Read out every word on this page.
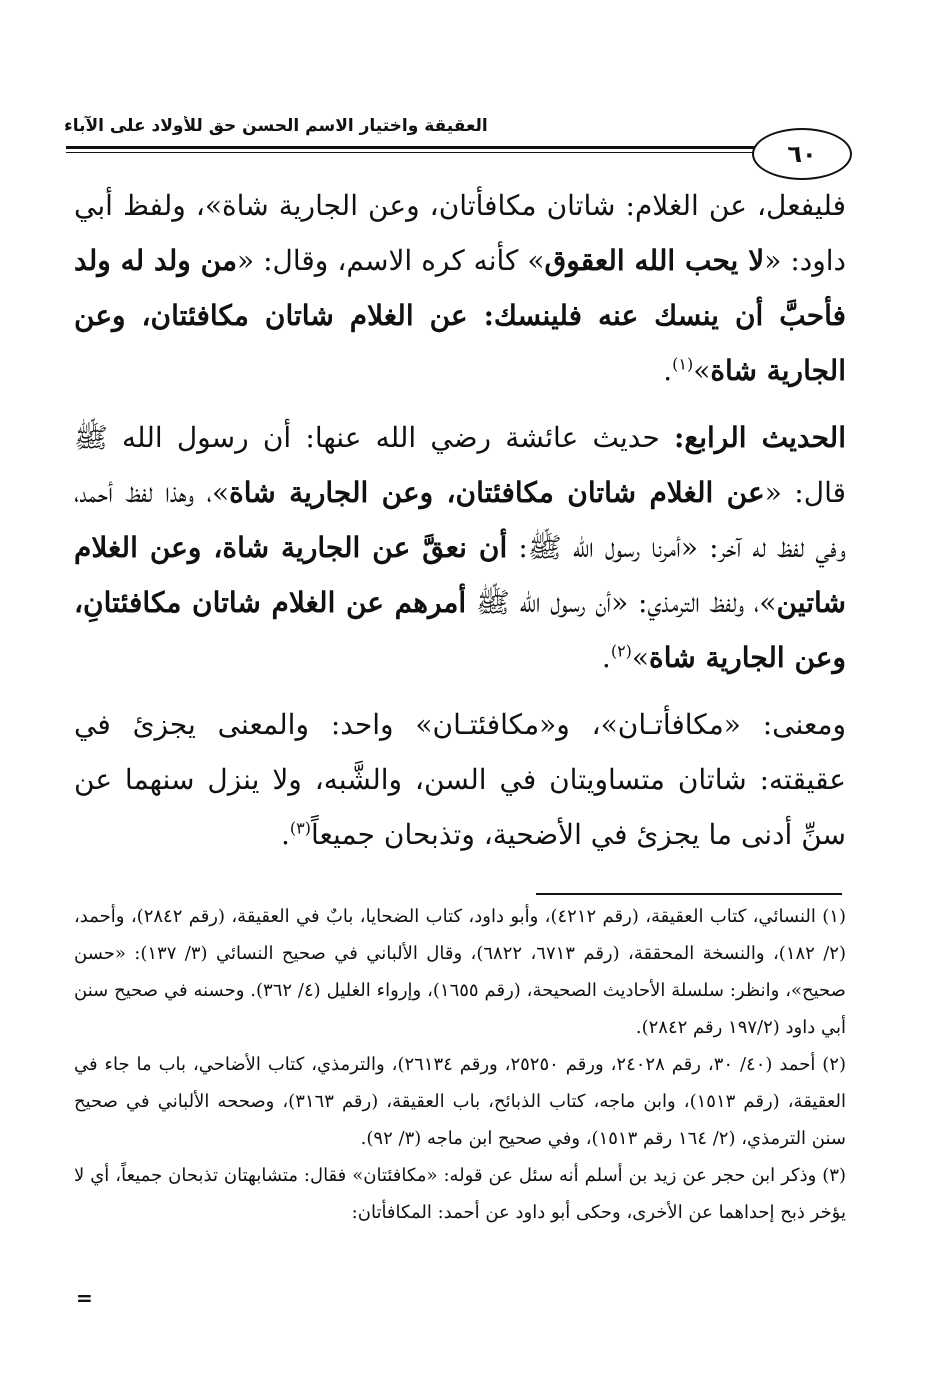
العقيقة واختيار الاسم الحسن حق للأولاد على الآباء
٦٠

فليفعل، عن الغلام: شاتان مكافأتان، وعن الجارية شاة»، ولفظ أبي داود: «لا يحب الله العقوق» كأنه كره الاسم، وقال: «من ولد له ولد فأحبَّ أن ينسك عنه فلينسك: عن الغلام شاتان مكافئتان، وعن الجارية شاة»$^{(١)}$.

الحديث الرابع: حديث عائشة رضي الله عنها: أن رسول الله ﷺ قال: «عن الغلام شاتان مكافئتان، وعن الجارية شاة»، وهذا لفظ أحمد، وفي لفظ له آخر: «أمرنا رسول الله ﷺ: أن نعقَّ عن الجارية شاة، وعن الغلام شاتين»، ولفظ الترمذي: «أن رسول الله ﷺ أمرهم عن الغلام شاتان مكافئتانِ، وعن الجارية شاة»$^{(٢)}$.

ومعنى: «مكافأتـان»، و«مكافئتـان» واحد: والمعنى يجزئ في عقيقته: شاتان متساويتان في السن، والشَّبه، ولا ينزل سنهما عن سنِّ أدنى ما يجزئ في الأضحية، وتذبحان جميعاً$^{(٣)}$.

(١) النسائي، كتاب العقيقة، (رقم ٤٢١٢)، وأبو داود، كتاب الضحايا، بابٌ في العقيقة، (رقم ٢٨٤٢)، وأحمد، (٢/ ١٨٢)، والنسخة المحققة، (رقم ٦٧١٣، ٦٨٢٢)، وقال الألباني في صحيح النسائي (٣/ ١٣٧): «حسن صحيح»، وانظر: سلسلة الأحاديث الصحيحة، (رقم ١٦٥٥)، وإرواء الغليل (٤/ ٣٦٢). وحسنه في صحيح سنن أبي داود (١٩٧/٢ رقم ٢٨٤٢).

(٢) أحمد (٤٠/ ٣٠، رقم ٢٤٠٢٨، ورقم ٢٥٢٥٠، ورقم ٢٦١٣٤)، والترمذي، كتاب الأضاحي، باب ما جاء في العقيقة، (رقم ١٥١٣)، وابن ماجه، كتاب الذبائح، باب العقيقة، (رقم ٣١٦٣)، وصححه الألباني في صحيح سنن الترمذي، (٢/ ١٦٤ رقم ١٥١٣)، وفي صحيح ابن ماجه (٣/ ٩٢).

(٣) وذكر ابن حجر عن زيد بن أسلم أنه سئل عن قوله: «مكافئتان» فقال: متشابهتان تذبحان جميعاً، أي لا يؤخر ذبح إحداهما عن الأخرى، وحكى أبو داود عن أحمد: المكافأتان:

=
